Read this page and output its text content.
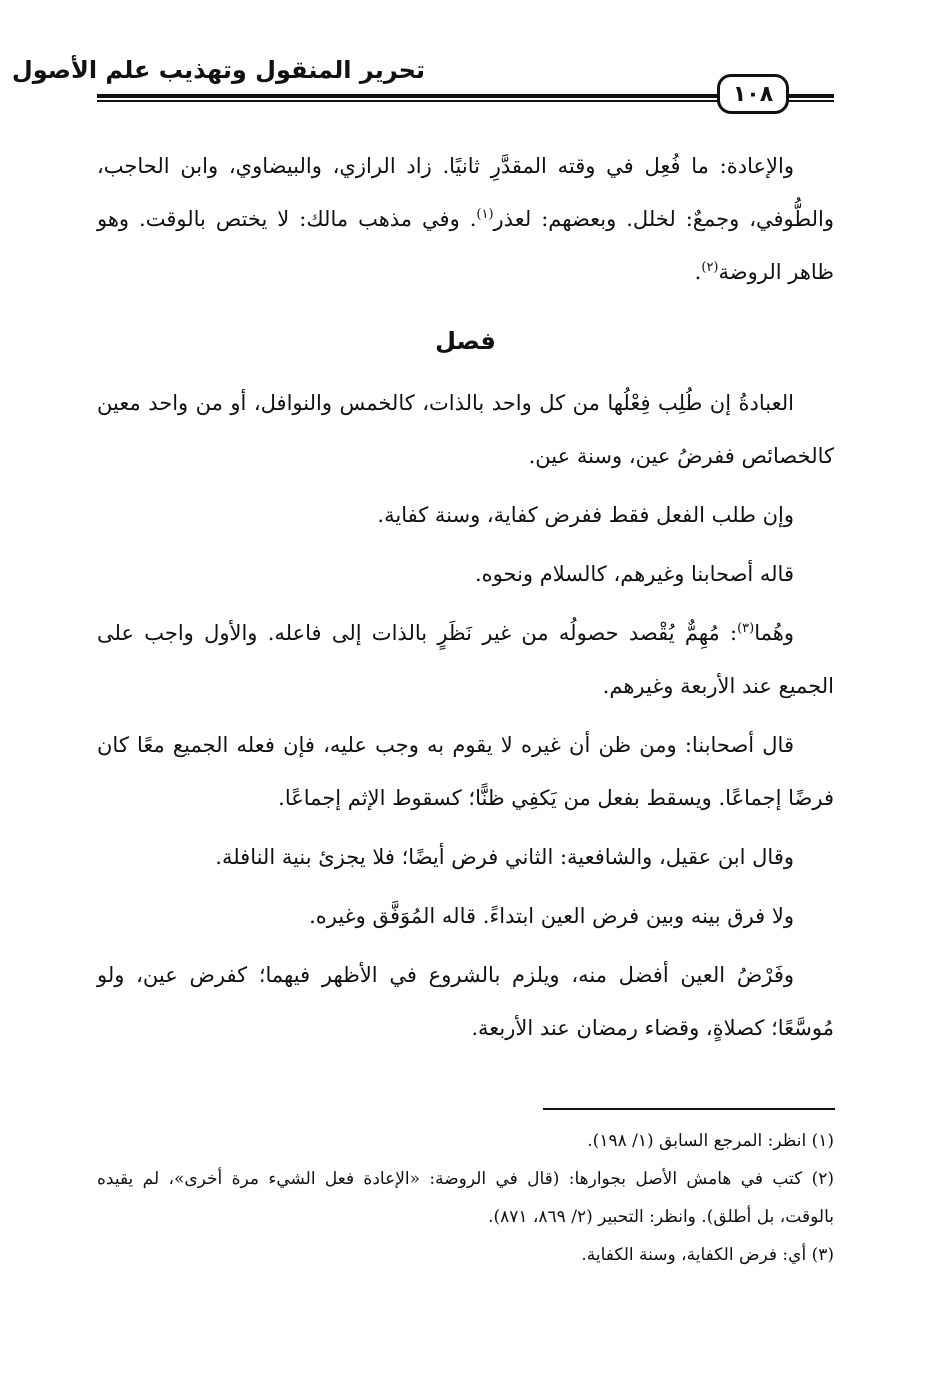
تحرير المنقول وتهذيب علم الأصول
١٠٨

والإعادة: ما فُعِل في وقته المقدَّرِ ثانيًا. زاد الرازي، والبيضاوي، وابن الحاجب، والطُّوفي، وجمعٌ: لخلل. وبعضهم: لعذر$^{(١)}$. وفي مذهب مالك: لا يختص بالوقت. وهو ظاهر الروضة$^{(٢)}$.

فصل

العبادةُ إن طُلِب فِعْلُها من كل واحد بالذات، كالخمس والنوافل، أو من واحد معين كالخصائص ففرضُ عين، وسنة عين.

وإن طلب الفعل فقط ففرض كفاية، وسنة كفاية.

قاله أصحابنا وغيرهم، كالسلام ونحوه.

وهُما$^{(٣)}$: مُهِمٌّ يُقْصد حصولُه من غير نَظَرٍ بالذات إلى فاعله. والأول واجب على الجميع عند الأربعة وغيرهم.

قال أصحابنا: ومن ظن أن غيره لا يقوم به وجب عليه، فإن فعله الجميع معًا كان فرضًا إجماعًا. ويسقط بفعل من يَكفِي ظنًّا؛ كسقوط الإثم إجماعًا.

وقال ابن عقيل، والشافعية: الثاني فرض أيضًا؛ فلا يجزئ بنية النافلة.

ولا فرق بينه وبين فرض العين ابتداءً. قاله المُوَفَّق وغيره.

وفَرْضُ العين أفضل منه، ويلزم بالشروع في الأظهر فيهما؛ كفرض عين، ولو مُوسَّعًا؛ كصلاةٍ، وقضاء رمضان عند الأربعة.

(١) انظر: المرجع السابق (١/ ١٩٨).

(٢) كتب في هامش الأصل بجوارها: (قال في الروضة: «الإعادة فعل الشيء مرة أخرى»، لم يقيده بالوقت، بل أطلق). وانظر: التحبير (٢/ ٨٦٩، ٨٧١).

(٣) أي: فرض الكفاية، وسنة الكفاية.
